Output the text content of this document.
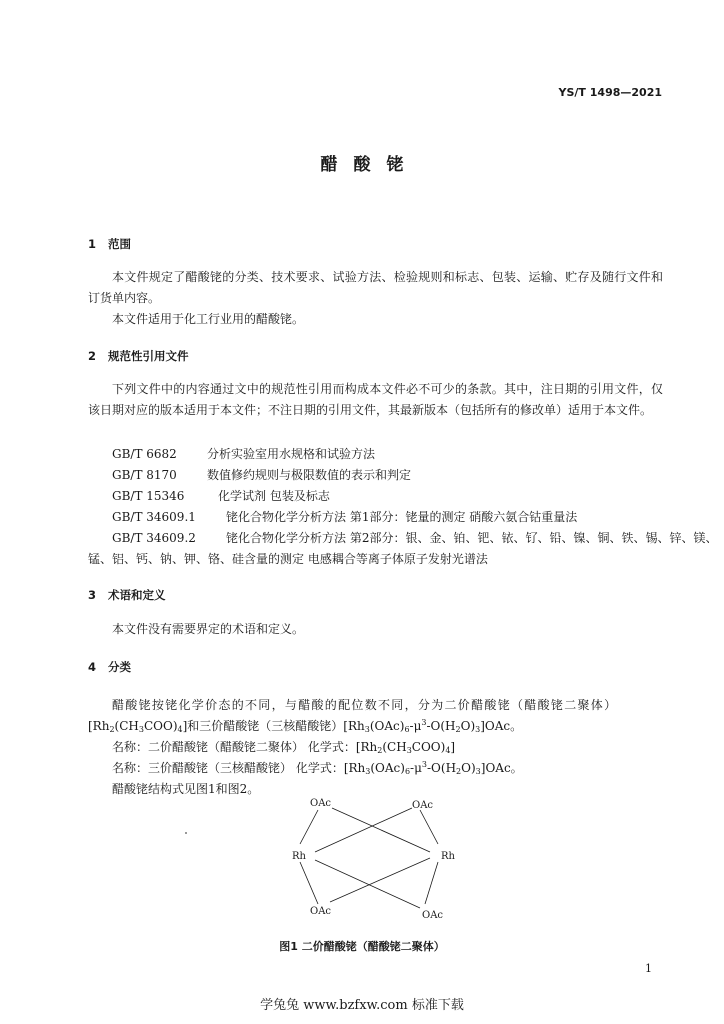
YS/T 1498—2021
醋酸铑
1 范围
本文件规定了醋酸铑的分类、技术要求、试验方法、检验规则和标志、包装、运输、贮存及随行文件和订货单内容。
本文件适用于化工行业用的醋酸铑。
2 规范性引用文件
下列文件中的内容通过文中的规范性引用而构成本文件必不可少的条款。其中，注日期的引用文件，仅该日期对应的版本适用于本文件；不注日期的引用文件，其最新版本（包括所有的修改单）适用于本文件。
GB/T 6682	分析实验室用水规格和试验方法
GB/T 8170	数值修约规则与极限数值的表示和判定
GB/T 15346	化学试剂 包装及标志
GB/T 34609.1	铑化合物化学分析方法 第1部分：铑量的测定 硝酸六氨合钴重量法
GB/T 34609.2	铑化合物化学分析方法 第2部分：银、金、铂、钯、铱、钌、铅、镍、铜、铁、锡、锌、镁、
锰、铝、钙、钠、钾、铬、硅含量的测定 电感耦合等离子体原子发射光谱法
3 术语和定义
本文件没有需要界定的术语和定义。
4 分类
醋酸铑按铑化学价态的不同，与醋酸的配位数不同，分为二价醋酸铑（醋酸铑二聚体）
$[Rh_2(CH_3COO)_4]$和三价醋酸铑（三核醋酸铑）$[Rh_3(OAc)_6-\mu^3-O(H_2O)_3]OAc$。
名称：二价醋酸铑（醋酸铑二聚体） 化学式：$[Rh_2(CH_3COO)_4]$
名称：三价醋酸铑（三核醋酸铑） 化学式：$[Rh_3(OAc)_6-\mu^3-O(H_2O)_3]OAc$。
醋酸铑结构式见图1和图2。
OAc	OAc
Rh	Rh
OAc	OAc
图1 二价醋酸铑（醋酸铑二聚体）
1
学兔兔 www.bzfxw.com 标准下载
